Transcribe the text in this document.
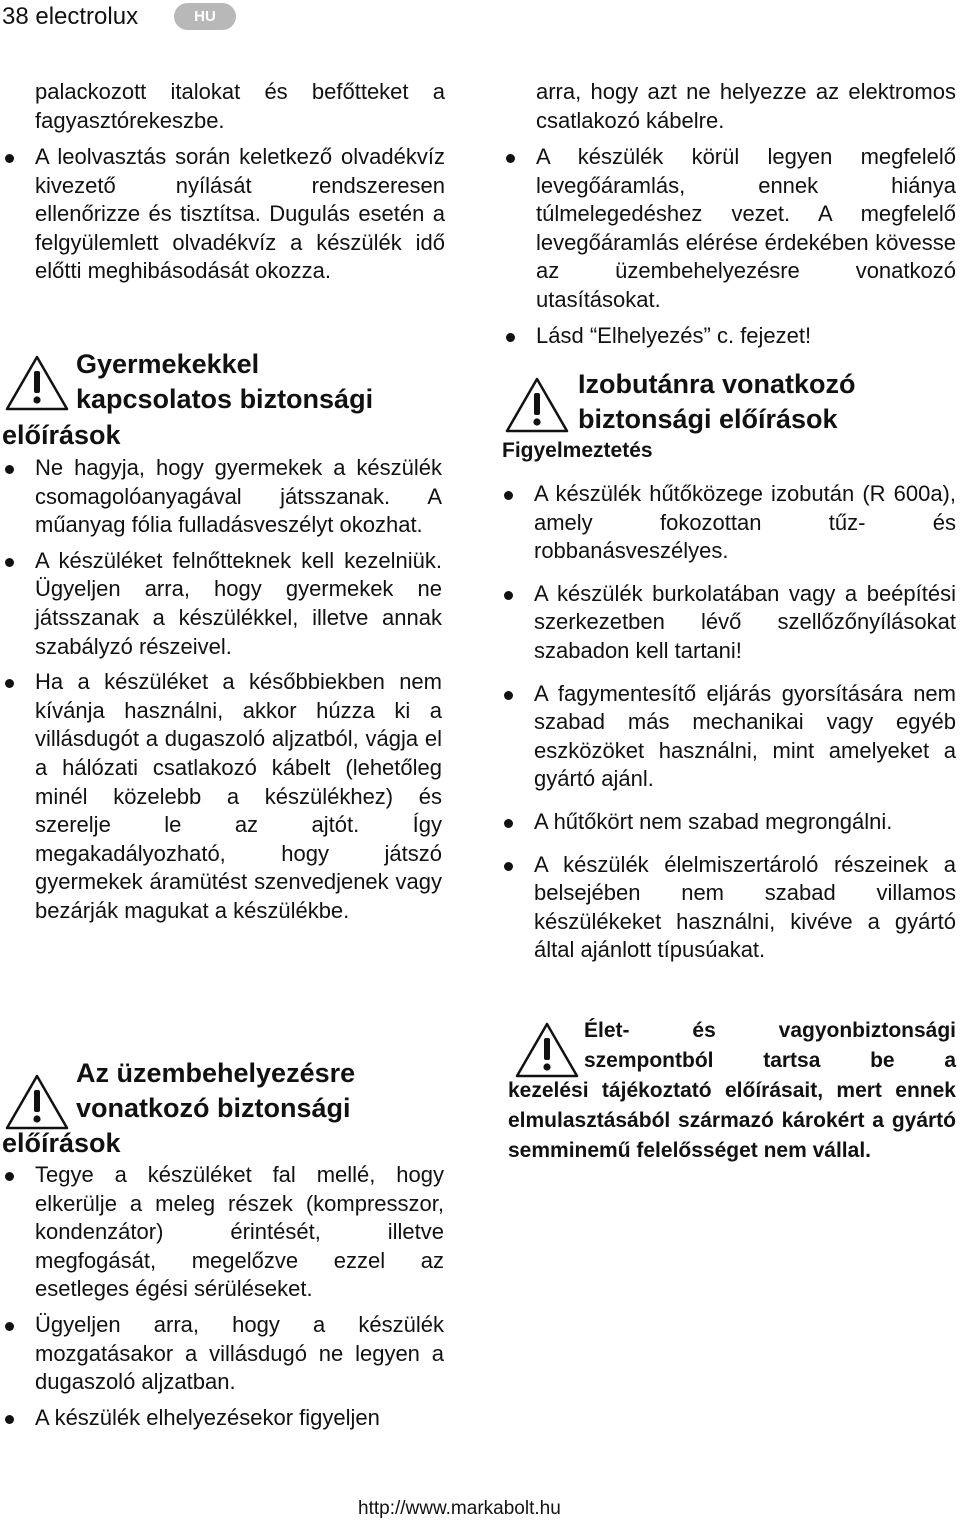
38 electrolux	HU

palackozott italokat és befőtteket a fagyasztórekeszbe.

A leolvasztás során keletkező olvadékvíz kivezető nyílását rendszeresen ellenőrizze és tisztítsa. Dugulás esetén a felgyülemlett olvadékvíz a készülék idő előtti meghibásodását okozza.

Gyermekekkel

kapcsolatos biztonsági

előírások

Ne hagyja, hogy gyermekek a készülék csomagolóanyagával játsszanak. A műanyag fólia fulladásveszélyt okozhat.

A készüléket felnőtteknek kell kezelniük. Ügyeljen arra, hogy gyermekek ne játsszanak a készülékkel, illetve annak szabályzó részeivel.

Ha a készüléket a későbbiekben nem kívánja használni, akkor húzza ki a villásdugót a dugaszoló aljzatból, vágja el a hálózati csatlakozó kábelt (lehetőleg minél közelebb a készülékhez) és szerelje le az ajtót. Így megakadályozható, hogy játszó gyermekek áramütést szenvedjenek vagy bezárják magukat a készülékbe.

Az üzembehelyezésre

vonatkozó biztonsági

előírások

Tegye a készüléket fal mellé, hogy elkerülje a meleg részek (kompresszor, kondenzátor) érintését, illetve megfogását, megelőzve ezzel az esetleges égési sérüléseket.

Ügyeljen arra, hogy a készülék mozgatásakor a villásdugó ne legyen a dugaszoló aljzatban.

A készülék elhelyezésekor figyeljen

arra, hogy azt ne helyezze az elektromos csatlakozó kábelre.

A készülék körül legyen megfelelő levegőáramlás, ennek hiánya túlmelegedéshez vezet. A megfelelő levegőáramlás elérése érdekében kövesse az üzembehelyezésre vonatkozó utasításokat.

Lásd “Elhelyezés” c. fejezet!

Izobutánra vonatkozó

biztonsági előírások

Figyelmeztetés

A készülék hűtőközege izobután (R 600a), amely fokozottan tűz- és robbanásveszélyes.

A készülék burkolatában vagy a beépítési szerkezetben lévő szellőzőnyílásokat szabadon kell tartani!

A fagymentesítő eljárás gyorsítására nem szabad más mechanikai vagy egyéb eszközöket használni, mint amelyeket a gyártó ajánl.

A hűtőkört nem szabad megrongálni.

A készülék élelmiszertároló részeinek a belsejében nem szabad villamos készülékeket használni, kivéve a gyártó által ajánlott típusúakat.

Élet- és vagyonbiztonsági

szempontból tartsa be a

kezelési tájékoztató előírásait, mert ennek elmulasztásából származó károkért a gyártó semminemű felelősséget nem vállal.

http://www.markabolt.hu
